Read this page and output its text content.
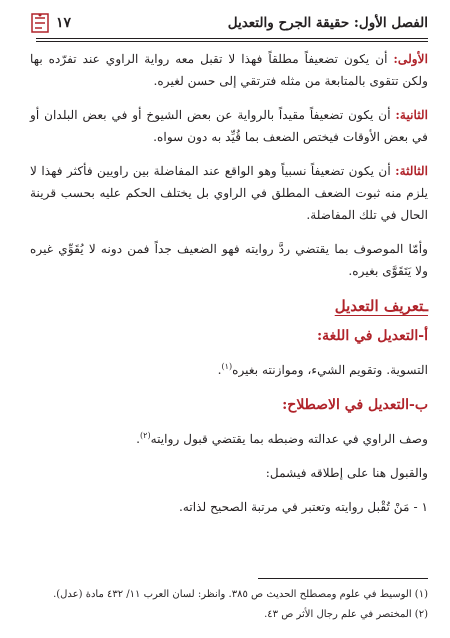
الفصل الأول: حقيقة الجرح والتعديل
١٧

الأولى: أن يكون تضعيفاً مطلقاً فهذا لا تقبل معه رواية الراوي عند تفرّده بها ولكن تتقوى بالمتابعة من مثله فترتقي إلى حسن لغيره.

الثانية: أن يكون تضعيفاً مقيداً بالرواية عن بعض الشيوخ أو في بعض البلدان أو في بعض الأوقات فيختص الضعف بما قُيِّد به دون سواه.

الثالثة: أن يكون تضعيفاً نسبياً وهو الواقع عند المفاضلة بين راويين فأكثر فهذا لا يلزم منه ثبوت الضعف المطلق في الراوي بل يختلف الحكم عليه بحسب قرينة الحال في تلك المفاضلة.

وأمّا الموصوف بما يقتضي ردَّ روايته فهو الضعيف جداً فمن دونه لا يُقَوِّي غيره ولا يَتَقَوَّى بغيره.

ـتعريف التعديل
أ-التعديل في اللغة:

التسوية. وتقويم الشيء، وموازنته بغيره$^{(١)}$.

ب-التعديل في الاصطلاح:

وصف الراوي في عدالته وضبطه بما يقتضي قبول روايته$^{(٢)}$.

والقبول هنا على إطلاقه فيشمل:

١ - مَنْ تُقْبل روايته وتعتبر في مرتبة الصحيح لذاته.

(١) الوسيط في علوم ومصطلح الحديث ص ٣٨٥. وانظر: لسان العرب ١١/ ٤٣٢ مادة (عدل).

(٢) المختصر في علم رجال الأثر ص ٤٣.
